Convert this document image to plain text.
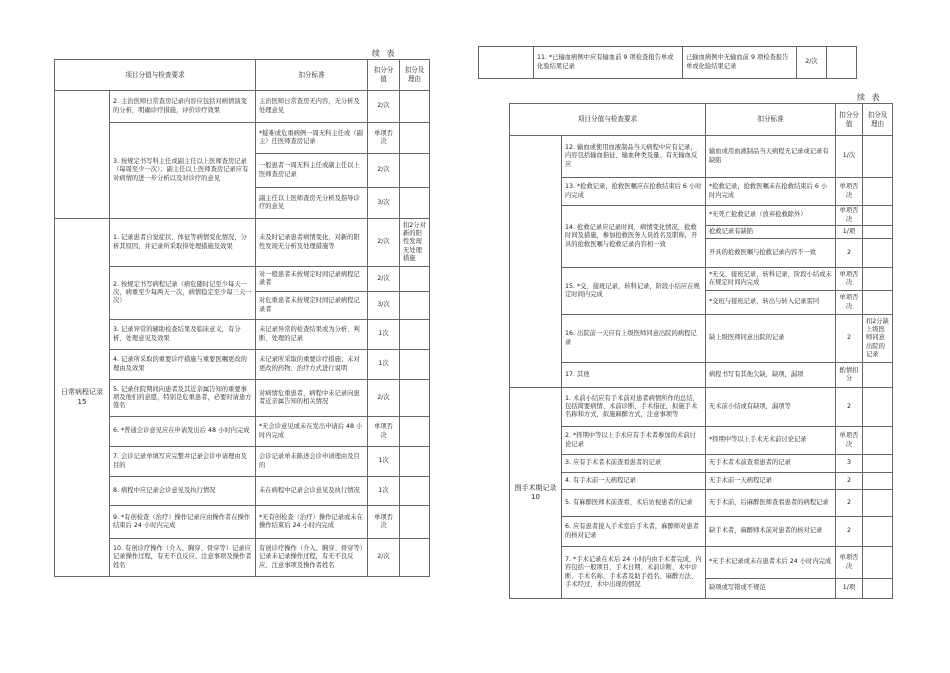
续 表
项目分值与检查要求		扣分标准	扣分分值	扣分及理由
	2. 主治医师日常查房记录内容应包括对病情演变的分析，明确诊疗措施，评价诊疗效果	主治医师日常查房无内容，无分析及处理意见	2/次	
	3. 按规定书写科主任或副主任以上医师查房记录（每周至少一次）；副主任以上医师查房记录应有对病情的进一步分析以及对诊疗的意见	*疑难或危重病例一周无科主任或（副主）任医师查房记录	单项否决	
		一般患者一周无科主任或副主任以上医师查房记录	2/次	
		副主任以上医师查房无分析及指导诊疗的意见	3/次	
日常病程记录 15	1. 记录患者自觉症状、体征等病情变化情况，分析其原因，并记录所采取得处理措施及效果	未及时记录患者病情变化，对新的阳性发现无分析及处理措施等	2/次	扣2分对新的阳性发现无处理措施
	2. 按规定书写病程记录（病危随时记至少每天一次，病重至少每两天一次，病情稳定至少每三天一次）	对一般患者未按规定时间记录病程记录者	2/次	
		对危重患者未按规定时间记录病程记录者	3/次	
	3. 记录异常的辅助检查结果及临床意义，有分析、处理意见及效果	未记录异常的检查结果或为分析、判断、处理的记录	1次	
	4. 记录所采取的重要诊疗措施与重要医嘱更改的理由及效果	未记录所采取的重要诊疗措施；未对更改的药物、治疗方式进行说明	1次	
	5. 记录住院期间向患者及其近亲属告知的重要事项及他们的意愿，特别是危重患者，必要时请患方签名	对病情危重患者，病程中未记录向患者近亲属告知的相关情况	2/次	
	6. *普通会诊意见应在申请发出后 48 小时内完成	*无会诊意见或未在发出申请后 48 小时内完成	单项否决	
	7. 会诊记录单填写应完整并记录会诊申请理由及目的	会诊记录单未陈述会诊申请理由及目的	1次	
	8. 病程中应记录会诊意见及执行情况	未在病程中记录会诊意见及执行情况	1次	
	9. *有创检查（治疗）操作记录应由操作者在操作结束后 24 小时内完成	*无有创检查（治疗）操作记录或未在操作结束后 24 小时内完成	单项否决	
	10. 有创诊疗操作（介入、胸穿、骨穿等）记录应记录操作过程，有无不良反应、注意事项及操作者姓名	有创诊疗操作（介入、胸穿、骨穿等）记录未记录操作过程，有无不良反应、注意事项及操作者姓名	2/次	
	11. *已输血病例中应有输血前 9 项检查报告单或化验结果记录	已输血病例中无输血前 9 项检查报告单或化验结果记录	2/次	
续 表
项目分值与检查要求		扣分标准	扣分分值	扣分及理由
	12. 输血或使用血液制品当天病程中应有记录，内容包括输血指征、输血种类及量、有无输血反应	输血或用血液制品当天病程无记录或记录有缺陷	1/次	
	13. *抢救记录，抢救医嘱应在抢救结束后 6 小时内完成	*抢救记录，抢救医嘱未在抢救结束后 6 小时内完成	单项否决	
	14. 抢救记录应记录时间，病情变化情况，抢救时间及措施，参加抢救医务人员姓名及职称，开具的抢救医嘱与抢救记录内容相一致	*无死亡抢救记录（放弃抢救除外）	单项否决	
		抢救记录有缺陷	1/项	
		开具的抢救医嘱与抢救记录内容不一致	2	
	15. *交、接班记录，转科记录，阶段小结应在规定时间内完成	*无交、接班记录，转科记录，阶段小结或未在规定时间内完成	单项否决	
		*交班与接班记录，转出与转入记录雷同	单项否决	
	16. 出院前一天应有上级医师同意出院的病程记录	缺上级医师同意出院的记录	2	扣2分缺上级医师同意出院的记录
	17. 其他	病程书写有其他欠缺，缺项，漏项	酌情扣分	
围手术期记录 10	1. 术前小结应有手术前对患者病情所作的总结，包括简要病情、术前诊断、手术指征，拟施手术名称和方式，拟施麻醉方式，注意事项等	无术前小结或有缺项，漏项等	2	
	2. *择期中等以上手术应有手术者参加的术前讨论记录	*择期中等以上手术无术前讨论记录	单项否决	
	3. 应有手术者术前查看患者的记录	无手术者术前查看患者的记录	3	
	4. 有手术前一天病程记录	无手术前一天病程记录	2	
	5. 有麻醉医师术前查看、术后访视患者的记录	无手术前，后麻醉医师查看患者的病程记录	2	
	6. 应有患者接入手术室后手术者，麻醉师对患者的核对记录	缺手术者，麻醉师术前对患者的核对记录	2	
	7. *手术记录在术后 24 小时内由手术者完成，内容包括一般项目、手术日期、术前诊断、术中诊断、手术名称、手术者及助手姓名、麻醉方法、手术经过、术中出现的情况	*无手术记录或未在患者术后 24 小时内完成	单项否决	
		缺项或写错或不规范	1/项	
